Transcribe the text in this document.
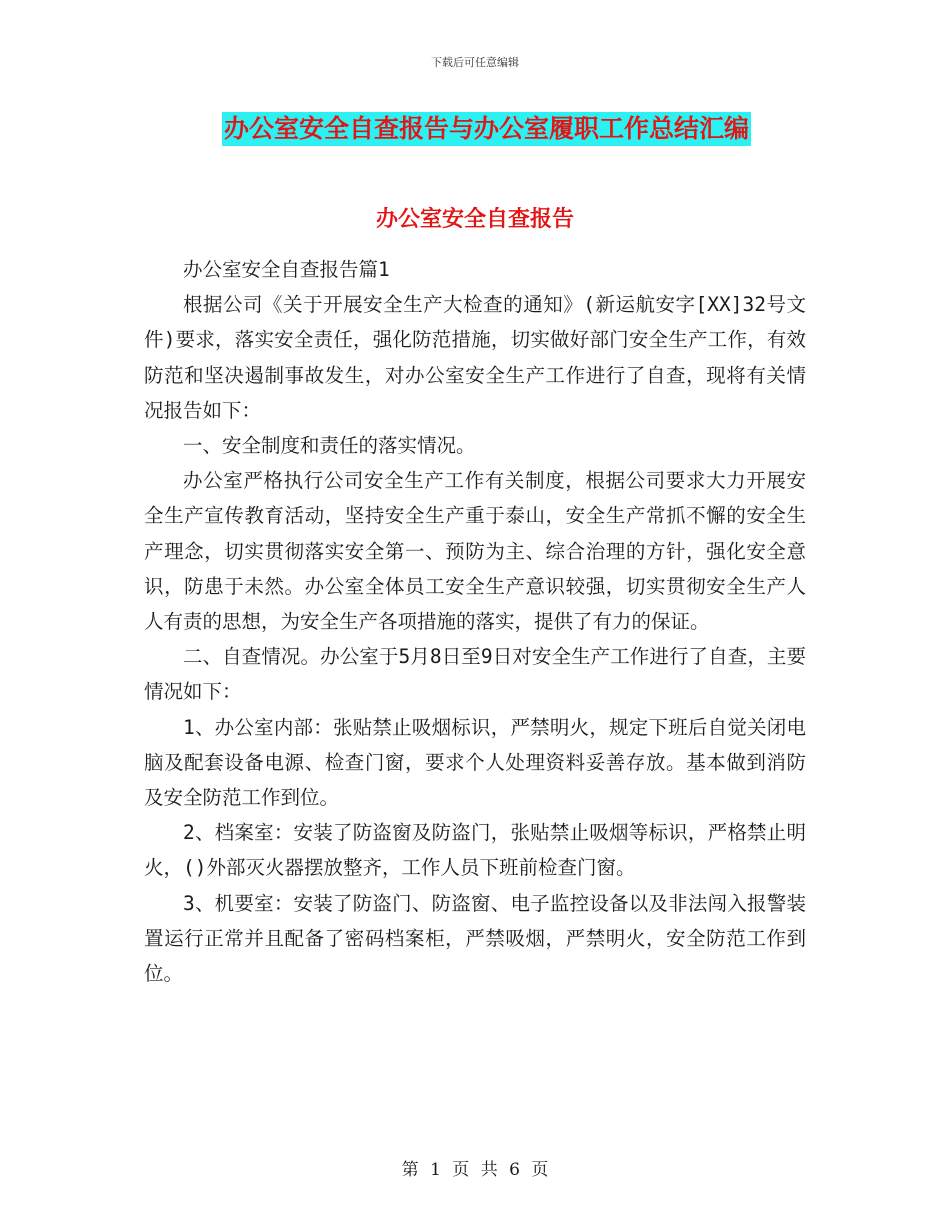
下载后可任意编辑
办公室安全自查报告与办公室履职工作总结汇编
办公室安全自查报告

办公室安全自查报告篇1

根据公司《关于开展安全生产大检查的通知》(新运航安字[XX]32号文件)要求，落实安全责任，强化防范措施，切实做好部门安全生产工作，有效防范和坚决遏制事故发生，对办公室安全生产工作进行了自查，现将有关情况报告如下：

一、安全制度和责任的落实情况。

办公室严格执行公司安全生产工作有关制度，根据公司要求大力开展安全生产宣传教育活动，坚持安全生产重于泰山，安全生产常抓不懈的安全生产理念，切实贯彻落实安全第一、预防为主、综合治理的方针，强化安全意识，防患于未然。办公室全体员工安全生产意识较强，切实贯彻安全生产人人有责的思想，为安全生产各项措施的落实，提供了有力的保证。

二、自查情况。办公室于5月8日至9日对安全生产工作进行了自查，主要情况如下：

1、办公室内部：张贴禁止吸烟标识，严禁明火，规定下班后自觉关闭电脑及配套设备电源、检查门窗，要求个人处理资料妥善存放。基本做到消防及安全防范工作到位。

2、档案室：安装了防盗窗及防盗门，张贴禁止吸烟等标识，严格禁止明火，()外部灭火器摆放整齐，工作人员下班前检查门窗。

3、机要室：安装了防盗门、防盗窗、电子监控设备以及非法闯入报警装置运行正常并且配备了密码档案柜，严禁吸烟，严禁明火，安全防范工作到位。

第 1 页 共 6 页
